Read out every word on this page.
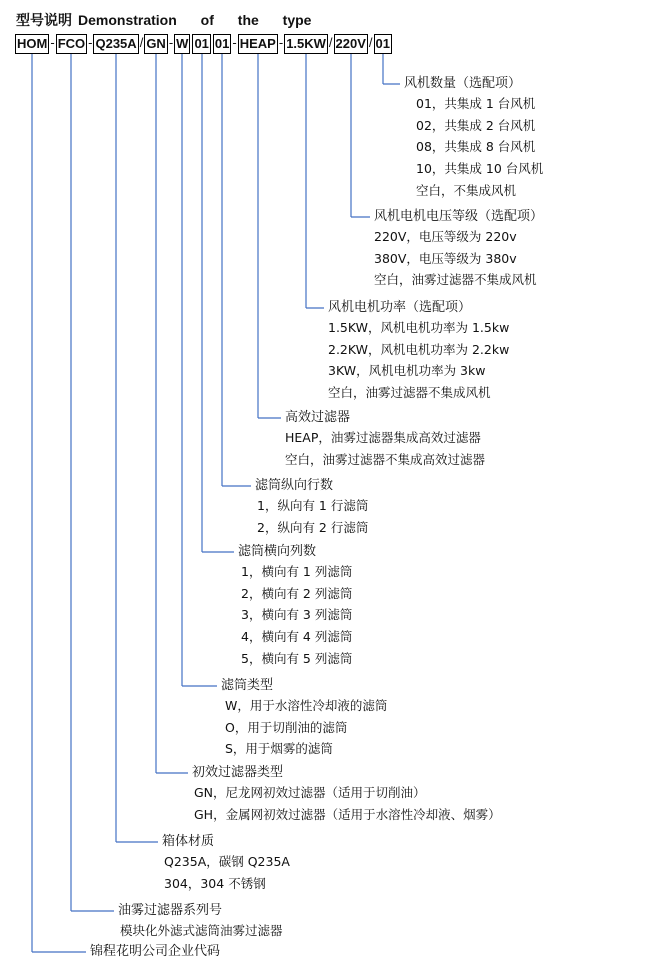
型号说明 Demonstration of the type
HOM - FCO - Q235A / GN - W 01 01 - HEAP - 1.5KW / 220V / 01
风机数量（选配项）
01，共集成 1 台风机
02，共集成 2 台风机
08，共集成 8 台风机
10，共集成 10 台风机
空白，不集成风机
风机电机电压等级（选配项）
220V，电压等级为 220v
380V，电压等级为 380v
空白，油雾过滤器不集成风机
风机电机功率（选配项）
1.5KW，风机电机功率为 1.5kw
2.2KW，风机电机功率为 2.2kw
3KW，风机电机功率为 3kw
空白，油雾过滤器不集成风机
高效过滤器
HEAP，油雾过滤器集成高效过滤器
空白，油雾过滤器不集成高效过滤器
滤筒纵向行数
1，纵向有 1 行滤筒
2，纵向有 2 行滤筒
滤筒横向列数
1，横向有 1 列滤筒
2，横向有 2 列滤筒
3，横向有 3 列滤筒
4，横向有 4 列滤筒
5，横向有 5 列滤筒
滤筒类型
W，用于水溶性冷却液的滤筒
O，用于切削油的滤筒
S，用于烟雾的滤筒
初效过滤器类型
GN，尼龙网初效过滤器（适用于切削油）
GH，金属网初效过滤器（适用于水溶性冷却液、烟雾）
箱体材质
Q235A，碳钢 Q235A
304，304 不锈钢
油雾过滤器系列号
模块化外滤式滤筒油雾过滤器
锦程花明公司企业代码
